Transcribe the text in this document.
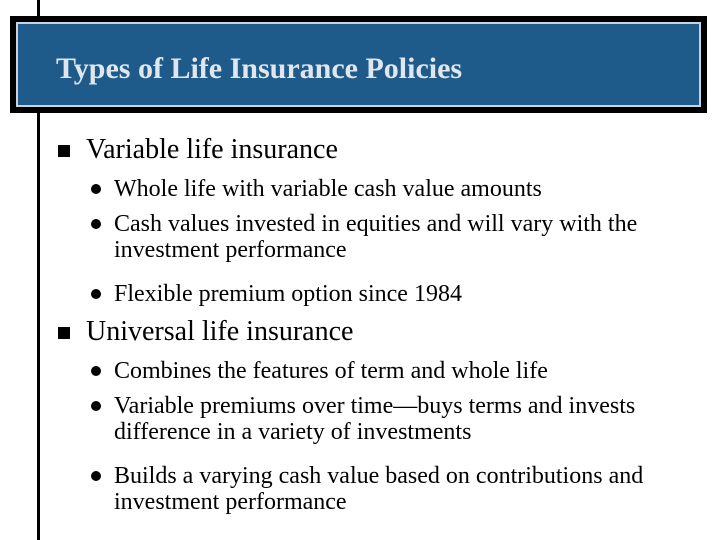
Types of Life Insurance Policies
Variable life insurance
Whole life with variable cash value amounts
Cash values invested in equities and will vary with the investment performance
Flexible premium option since 1984
Universal life insurance
Combines the features of term and whole life
Variable premiums over time—buys terms and invests difference in a variety of investments
Builds a varying cash value based on contributions and investment performance
